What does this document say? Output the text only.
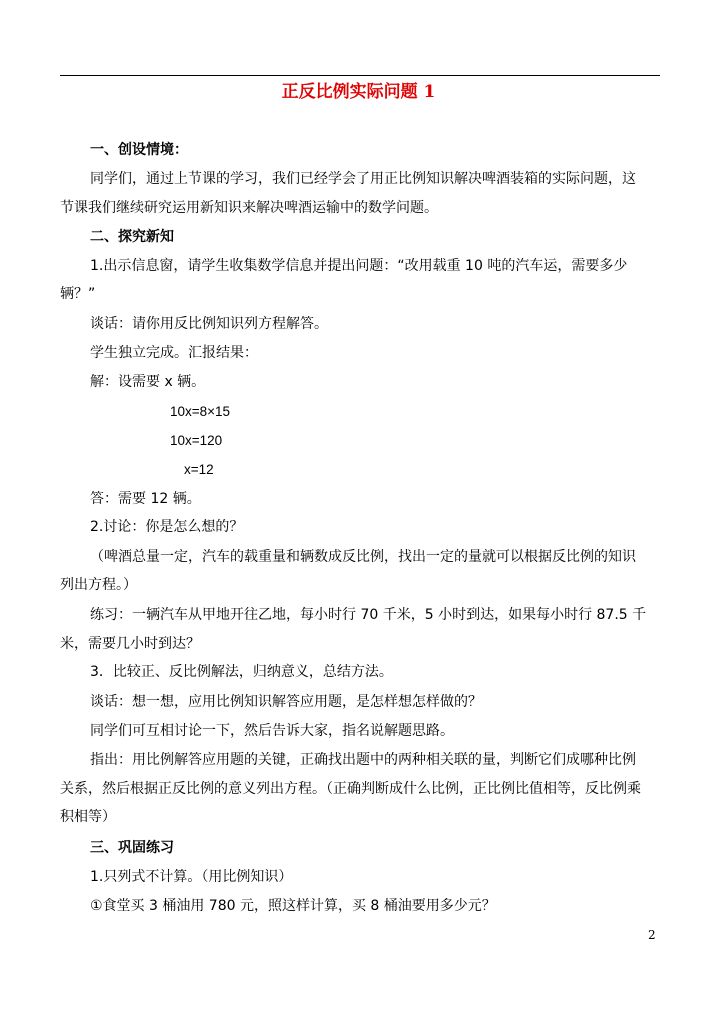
正反比例实际问题 1
一、创设情境：
同学们，通过上节课的学习，我们已经学会了用正比例知识解决啤酒装箱的实际问题，这
节课我们继续研究运用新知识来解决啤酒运输中的数学问题。
二、探究新知
1.出示信息窗，请学生收集数学信息并提出问题：“改用载重 10 吨的汽车运，需要多少
辆？”
谈话：请你用反比例知识列方程解答。
学生独立完成。汇报结果：
解：设需要 x 辆。
10x=8×15
10x=120
x=12
答：需要 12 辆。
2.讨论：你是怎么想的？
（啤酒总量一定，汽车的载重量和辆数成反比例，找出一定的量就可以根据反比例的知识
列出方程。）
练习：一辆汽车从甲地开往乙地，每小时行 70 千米，5 小时到达，如果每小时行 87.5 千
米，需要几小时到达？
3．比较正、反比例解法，归纳意义，总结方法。
谈话：想一想，应用比例知识解答应用题，是怎样想怎样做的？
同学们可互相讨论一下，然后告诉大家，指名说解题思路。
指出：用比例解答应用题的关键，正确找出题中的两种相关联的量，判断它们成哪种比例
关系，然后根据正反比例的意义列出方程。（正确判断成什么比例，正比例比值相等，反比例乘
积相等）
三、巩固练习
1.只列式不计算。（用比例知识）
①食堂买 3 桶油用 780 元，照这样计算，买 8 桶油要用多少元？
2
